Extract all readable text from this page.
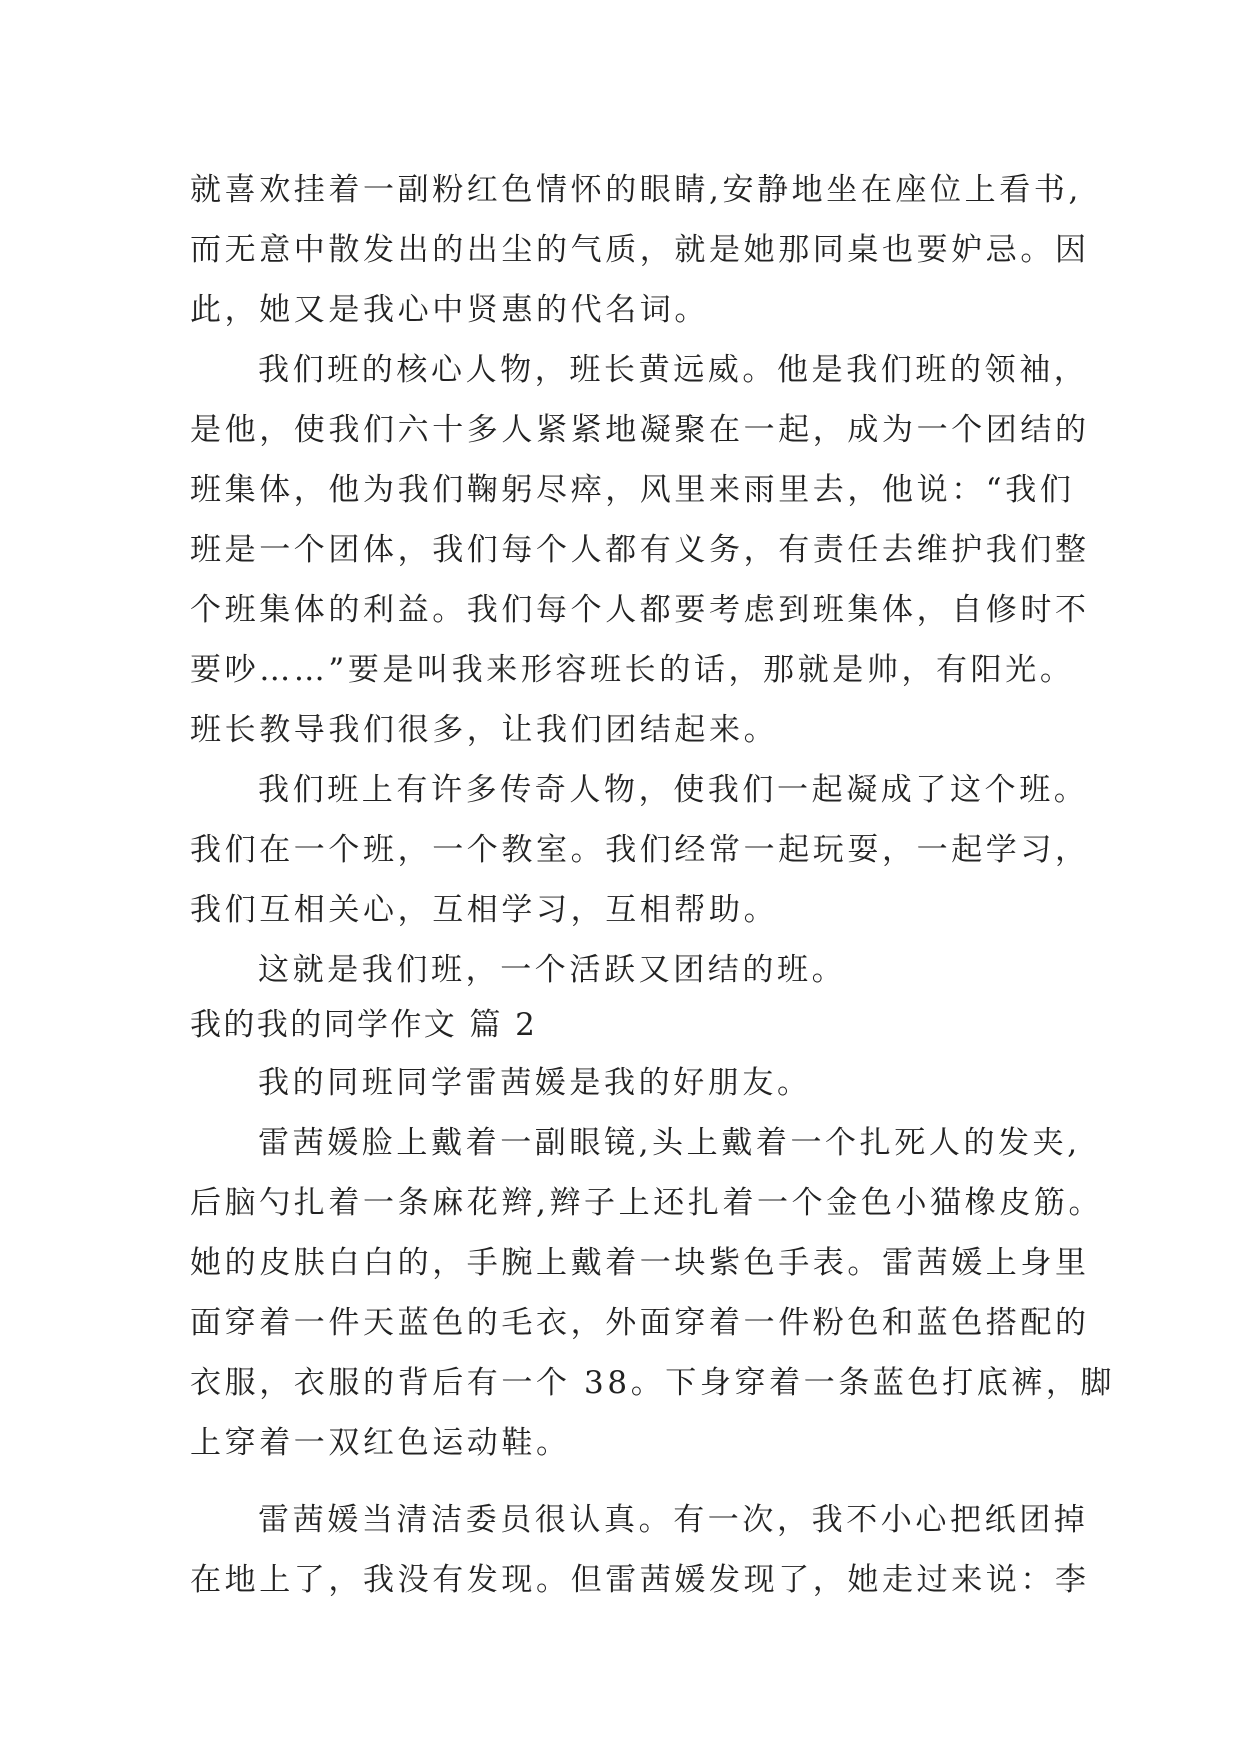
就喜欢挂着一副粉红色情怀的眼睛,安静地坐在座位上看书,
而无意中散发出的出尘的气质，就是她那同桌也要妒忌。因
此，她又是我心中贤惠的代名词。
我们班的核心人物，班长黄远威。他是我们班的领袖，
是他，使我们六十多人紧紧地凝聚在一起，成为一个团结的
班集体，他为我们鞠躬尽瘁，风里来雨里去，他说：“我们
班是一个团体，我们每个人都有义务，有责任去维护我们整
个班集体的利益。我们每个人都要考虑到班集体，自修时不
要吵……”要是叫我来形容班长的话，那就是帅，有阳光。
班长教导我们很多，让我们团结起来。
我们班上有许多传奇人物，使我们一起凝成了这个班。
我们在一个班，一个教室。我们经常一起玩耍，一起学习，
我们互相关心，互相学习，互相帮助。
这就是我们班，一个活跃又团结的班。
我的我的同学作文 篇 2
我的同班同学雷茜媛是我的好朋友。
雷茜媛脸上戴着一副眼镜,头上戴着一个扎死人的发夹,
后脑勺扎着一条麻花辫,辫子上还扎着一个金色小猫橡皮筋。
她的皮肤白白的，手腕上戴着一块紫色手表。雷茜媛上身里
面穿着一件天蓝色的毛衣，外面穿着一件粉色和蓝色搭配的
衣服，衣服的背后有一个 38。下身穿着一条蓝色打底裤，脚
上穿着一双红色运动鞋。
雷茜媛当清洁委员很认真。有一次，我不小心把纸团掉
在地上了，我没有发现。但雷茜媛发现了，她走过来说：李
